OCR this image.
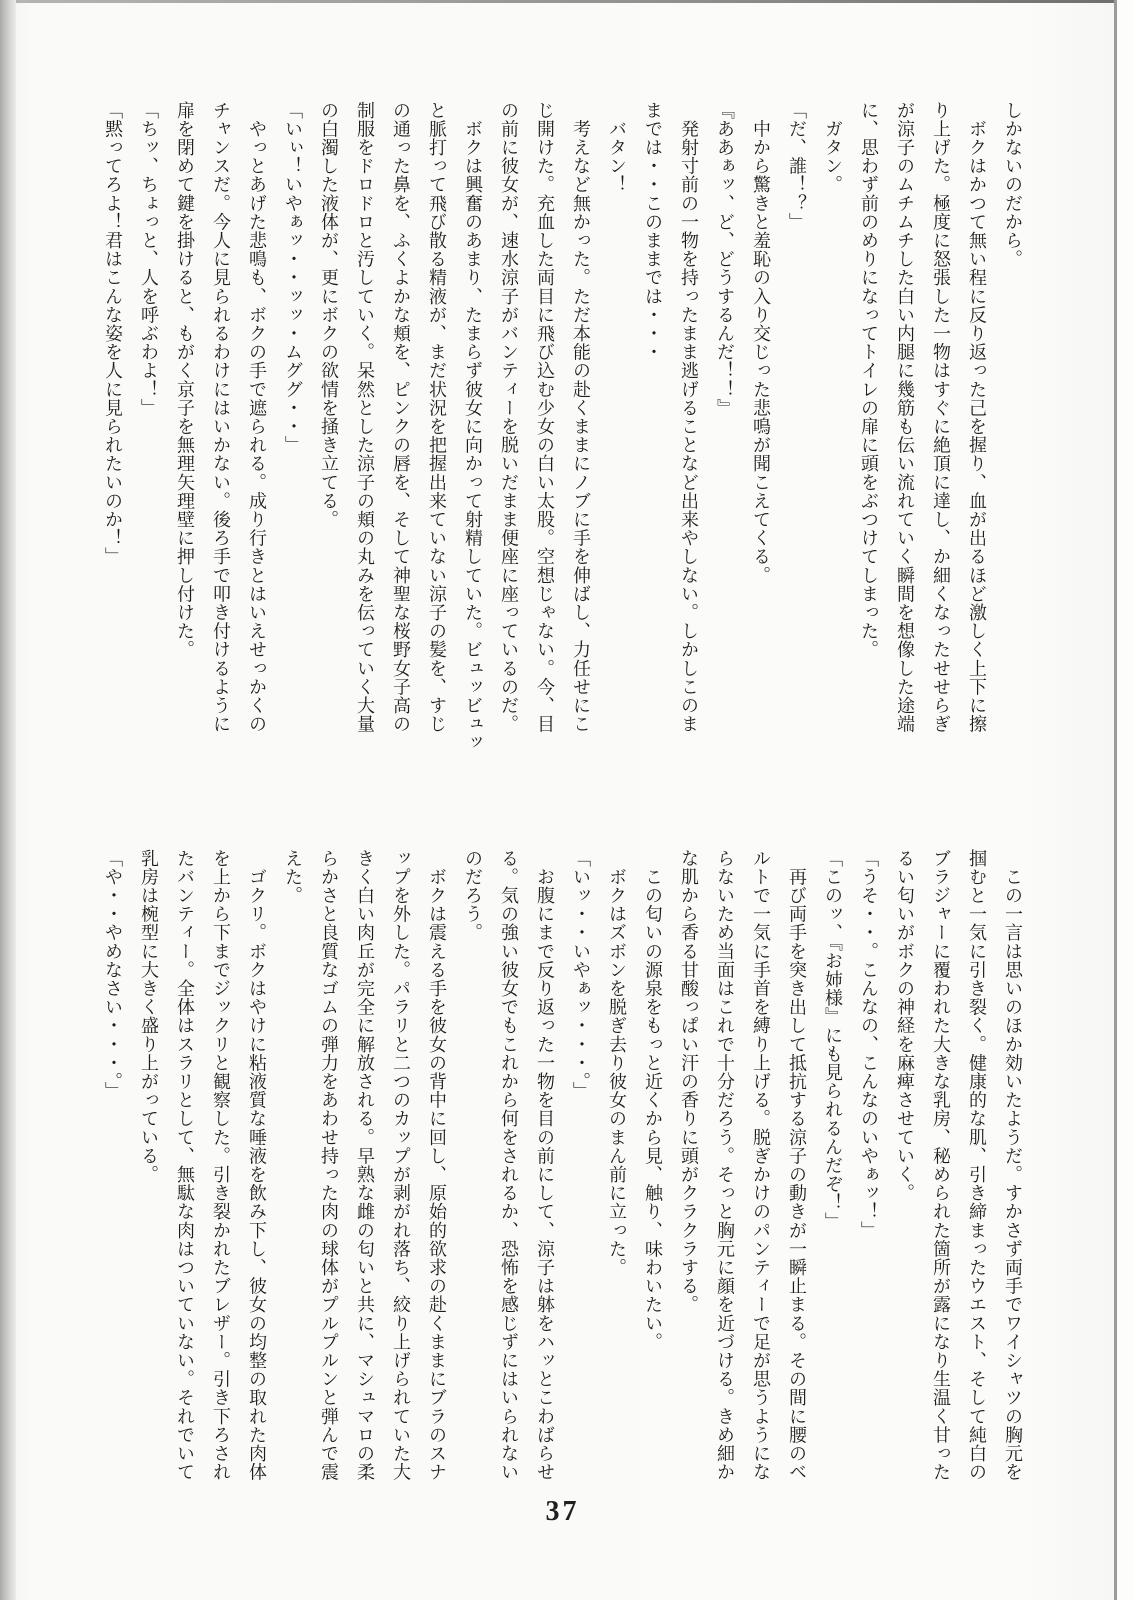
しかないのだから。
　ボクはかつて無い程に反り返った己を握り、血が出るほど激しく上下に擦
り上げた。極度に怒張した一物はすぐに絶頂に達し、か細くなったせせらぎ
が涼子のムチムチした白い内腿に幾筋も伝い流れていく瞬間を想像した途端
に、思わず前のめりになってトイレの扉に頭をぶつけてしまった。
　ガタン。
「だ、誰！？」
　中から驚きと羞恥の入り交じった悲鳴が聞こえてくる。
『ああぁッ、ど、どうするんだ！！』
　発射寸前の一物を持ったまま逃げることなど出来やしない。しかしこのま
までは・・このままでは・・・
　バタン！
　考えなど無かった。ただ本能の赴くままにノブに手を伸ばし、力任せにこ
じ開けた。充血した両目に飛び込む少女の白い太股。空想じゃない。今、目
の前に彼女が、速水涼子がバンティーを脱いだまま便座に座っているのだ。
　ボクは興奮のあまり、たまらず彼女に向かって射精していた。ビュッビュッ
と脈打って飛び散る精液が、まだ状況を把握出来ていない涼子の髪を、すじ
の通った鼻を、ふくよかな頬を、ピンクの唇を、そして神聖な桜野女子高の
制服をドロドロと汚していく。呆然とした涼子の頬の丸みを伝っていく大量
の白濁した液体が、更にボクの欲情を掻き立てる。
「いぃ！いやぁッ・・ッッ・ムググ・・」
　やっとあげた悲鳴も、ボクの手で遮られる。成り行きとはいえせっかくの
チャンスだ。今人に見られるわけにはいかない。後ろ手で叩き付けるように
扉を閉めて鍵を掛けると、もがく京子を無理矢理壁に押し付けた。
「ちッ、ちょっと、人を呼ぶわよ！」
「黙ってろよ！君はこんな姿を人に見られたいのか！」
　この一言は思いのほか効いたようだ。すかさず両手でワイシャツの胸元を
掴むと一気に引き裂く。健康的な肌、引き締まったウエスト、そして純白の
ブラジャーに覆われた大きな乳房、秘められた箇所が露になり生温く甘った
るい匂いがボクの神経を麻痺させていく。
「うそ・・。こんなの、こんなのいやぁッ！」
「このッ、『お姉様』にも見られるんだぞ！」
　再び両手を突き出して抵抗する涼子の動きが一瞬止まる。その間に腰のベ
ルトで一気に手首を縛り上げる。脱ぎかけのパンティーで足が思うようにな
らないため当面はこれで十分だろう。そっと胸元に顔を近づける。きめ細か
な肌から香る甘酸っぱい汗の香りに頭がクラクラする。
　この匂いの源泉をもっと近くから見、触り、味わいたい。
　ボクはズボンを脱ぎ去り彼女のまん前に立った。
「いッ・・いやぁッ・・・。」
　お腹にまで反り返った一物を目の前にして、涼子は躰をハッとこわばらせ
る。気の強い彼女でもこれから何をされるか、恐怖を感じずにはいられない
のだろう。
　ボクは震える手を彼女の背中に回し、原始的欲求の赴くままにブラのスナ
ップを外した。パラリと二つのカップが剥がれ落ち、絞り上げられていた大
きく白い肉丘が完全に解放される。早熟な雌の匂いと共に、マシュマロの柔
らかさと良質なゴムの弾力をあわせ持った肉の球体がプルプルンと弾んで震
えた。
　ゴクリ。ボクはやけに粘液質な唾液を飲み下し、彼女の均整の取れた肉体
を上から下までジックリと観察した。引き裂かれたブレザー。引き下ろされ
たバンティー。全体はスラリとして、無駄な肉はついていない。それでいて
乳房は椀型に大きく盛り上がっている。
「や・・やめなさい・・・。」
37
